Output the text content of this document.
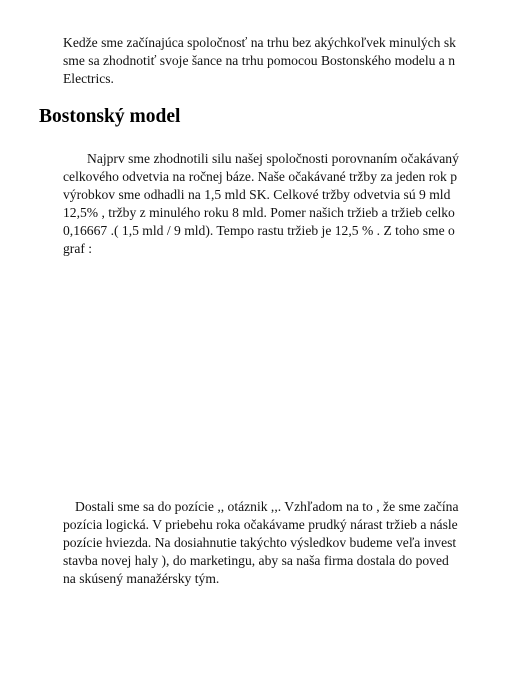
Kedže sme začínajúca spoločnosť na trhu bez akýchkoľvek minulých sk
sme sa zhodnotiť svoje šance na trhu pomocou Bostonského modelu a n
Electrics.
Bostonský model
Najprv sme zhodnotili silu našej spoločnosti porovnaním očakávaný
celkového odvetvia na ročnej báze. Naše očakávané tržby za jeden rok p
výrobkov sme odhadli na 1,5 mld SK. Celkové tržby odvetvia sú 9 mld
12,5% , tržby z minulého roku 8 mld. Pomer našich tržieb a tržieb celko
0,16667 .( 1,5 mld / 9 mld). Tempo rastu tržieb je 12,5 % . Z toho sme o
graf :
Dostali sme sa do pozície ,, otáznik ,,. Vzhľadom na to , že sme začína
pozícia logická. V priebehu roka očakávame prudký nárast tržieb a násle
pozície hviezda. Na dosiahnutie takýchto výsledkov budeme veľa invest
stavba novej haly ), do marketingu, aby sa naša firma dostala do poved
na skúsený manažérsky tým.
